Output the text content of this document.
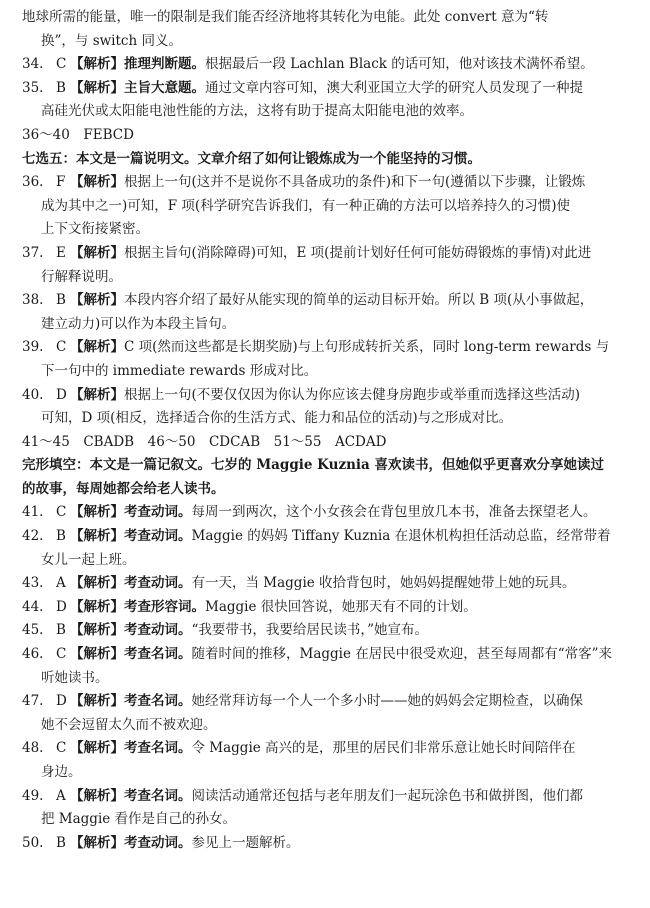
地球所需的能量，唯一的限制是我们能否经济地将其转化为电能。此处 convert 意为“转

换”，与 switch 同义。

34. C 【解析】推理判断题。根据最后一段 Lachlan Black 的话可知，他对该技术满怀希望。

35. B 【解析】主旨大意题。通过文章内容可知，澳大利亚国立大学的研究人员发现了一种提

高硅光伏或太阳能电池性能的方法，这将有助于提高太阳能电池的效率。

36～40　FEBCD

七选五：本文是一篇说明文。文章介绍了如何让锻炼成为一个能坚持的习惯。

36. F 【解析】根据上一句(这并不是说你不具备成功的条件)和下一句(遵循以下步骤，让锻炼

成为其中之一)可知，F 项(科学研究告诉我们，有一种正确的方法可以培养持久的习惯)使

上下文衔接紧密。

37. E 【解析】根据主旨句(消除障碍)可知，E 项(提前计划好任何可能妨碍锻炼的事情)对此进

行解释说明。

38. B 【解析】本段内容介绍了最好从能实现的简单的运动目标开始。所以 B 项(从小事做起，

建立动力)可以作为本段主旨句。

39. C 【解析】C 项(然而这些都是长期奖励)与上句形成转折关系，同时 long-term rewards 与

下一句中的 immediate rewards 形成对比。

40. D 【解析】根据上一句(不要仅仅因为你认为你应该去健身房跑步或举重而选择这些活动)

可知，D 项(相反，选择适合你的生活方式、能力和品位的活动)与之形成对比。

41～45　CBADB　46～50　CDCAB　51～55　ACDAD

完形填空：本文是一篇记叙文。七岁的 Maggie Kuznia 喜欢读书，但她似乎更喜欢分享她读过

的故事，每周她都会给老人读书。

41. C 【解析】考查动词。每周一到两次，这个小女孩会在背包里放几本书，准备去探望老人。

42. B 【解析】考查动词。Maggie 的妈妈 Tiffany Kuznia 在退休机构担任活动总监，经常带着

女儿一起上班。

43. A 【解析】考查动词。有一天，当 Maggie 收拾背包时，她妈妈提醒她带上她的玩具。

44. D 【解析】考查形容词。Maggie 很快回答说，她那天有不同的计划。

45. B 【解析】考查动词。“我要带书，我要给居民读书，”她宣布。

46. C 【解析】考查名词。随着时间的推移，Maggie 在居民中很受欢迎，甚至每周都有“常客”来

听她读书。

47. D 【解析】考查名词。她经常拜访每一个人一个多小时——她的妈妈会定期检查，以确保

她不会逗留太久而不被欢迎。

48. C 【解析】考查名词。令 Maggie 高兴的是，那里的居民们非常乐意让她长时间陪伴在

身边。

49. A 【解析】考查名词。阅读活动通常还包括与老年朋友们一起玩涂色书和做拼图，他们都

把 Maggie 看作是自己的孙女。

50. B 【解析】考查动词。参见上一题解析。
